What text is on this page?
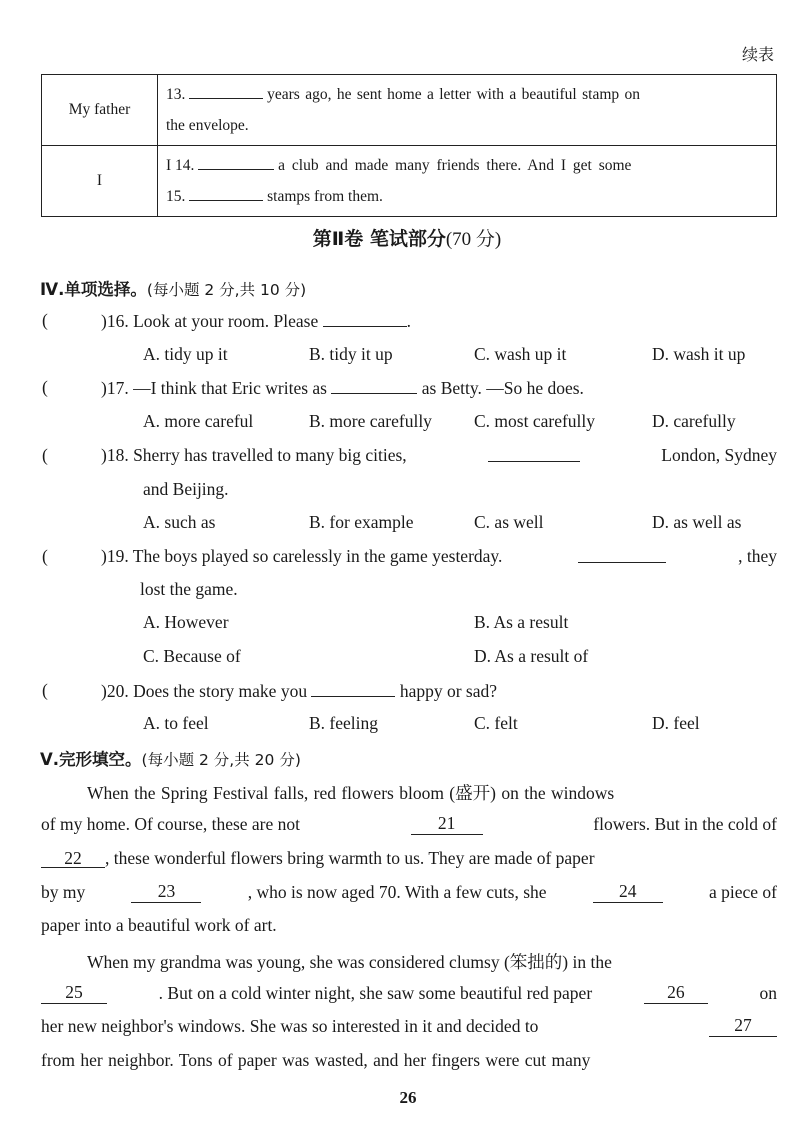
续表
My father	13. years ago, he sent home a letter with a beautiful stamp on
the envelope.

I	I 14. a club and made many friends there. And I get some
15. stamps from them.
第Ⅱ卷 笔试部分(70 分)
Ⅳ.单项选择。(每小题 2 分,共 10 分)
(	)16. Look at your room. Please	.
A. tidy up it	B. tidy it up	C. wash up it	D. wash it up
(	)17. —I think that Eric writes as	as Betty. —So he does.
A. more careful	B. more carefully C. most carefully	D. carefully
(	)18. Sherry has travelled to many big cities,	London, Sydney
and Beijing.
A. such as	B. for example	C. as well	D. as well as
(	)19. The boys played so carelessly in the game yesterday.	, they
lost the game.
A. However	B. As a result
C. Because of	D. As a result of
(	)20. Does the story make you	happy or sad?
A. to feel	B. feeling	C. felt	D. feel
Ⅴ.完形填空。(每小题 2 分,共 20 分)
When the Spring Festival falls, red flowers bloom (盛开) on the windows
of my home. Of course, these are not	21	flowers. But in the cold of
22 , these wonderful flowers bring warmth to us. They are made of paper
by my	23	, who is now aged 70. With a few cuts, she	24	a piece of
paper into a beautiful work of art.
When my grandma was young, she was considered clumsy (笨拙的) in the
25	. But on a cold winter night, she saw some beautiful red paper	26	on
her new neighbor's windows. She was so interested in it and decided to	27
from her neighbor. Tons of paper was wasted, and her fingers were cut many
26
